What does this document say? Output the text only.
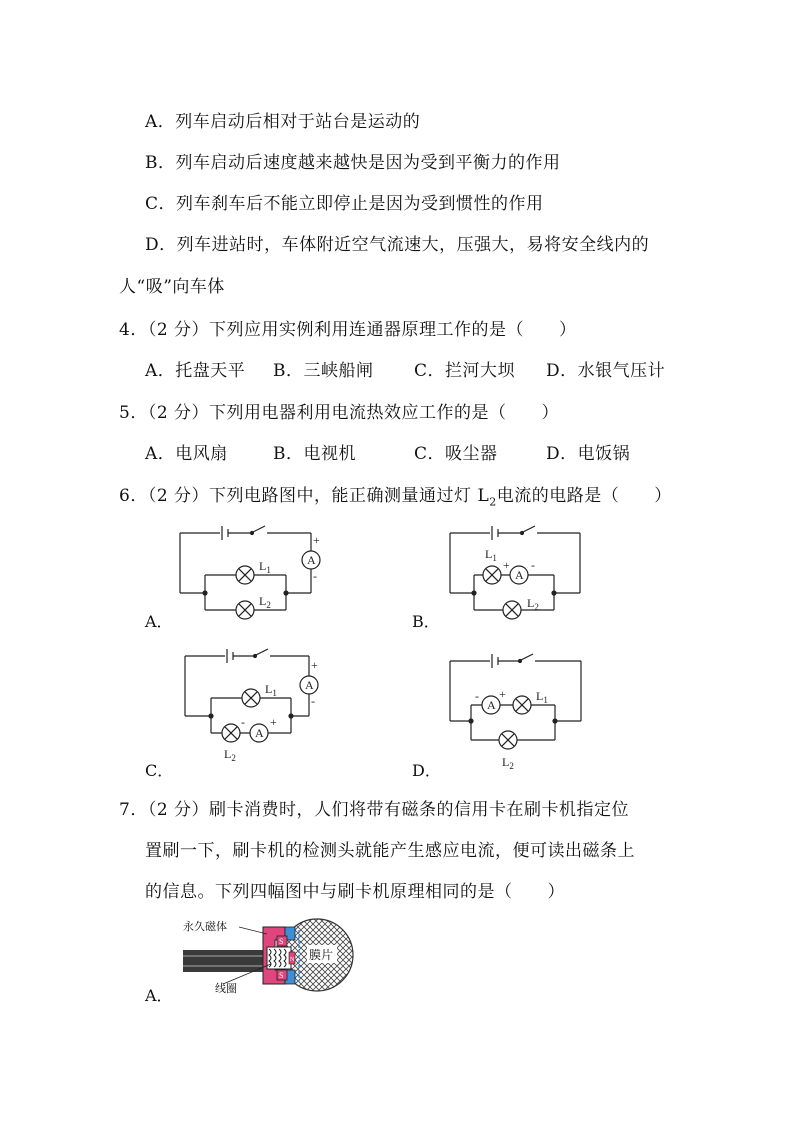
A．列车启动后相对于站台是运动的
B．列车启动后速度越来越快是因为受到平衡力的作用
C．列车刹车后不能立即停止是因为受到惯性的作用
D．列车进站时，车体附近空气流速大，压强大，易将安全线内的
人“吸”向车体
4．（2 分）下列应用实例利用连通器原理工作的是（　　）
A．托盘天平 B．三峡船闸 C．拦河大坝 D．水银气压计
5．（2 分）下列用电器利用电流热效应工作的是（　　）
A．电风扇	B．电视机	C．吸尘器	D．电饭锅
6．（2 分）下列电路图中，能正确测量通过灯 $L_2$电流的电路是（　　）
A．	B．
C．	D．
A
+
-
$L_1$
$L_2$
A
+ -
$L_1$
$L_2$
A
+
-
A
- +
$L_1$
$L_2$
A
- +	$L_1$
$L_2$
7．（2 分）刷卡消费时，人们将带有磁条的信用卡在刷卡机指定位
置刷一下，刷卡机的检测头就能产生感应电流，便可读出磁条上
的信息。下列四幅图中与刷卡机原理相同的是（　　）
A．
永久磁体
线圈
膜片
S
S
N
